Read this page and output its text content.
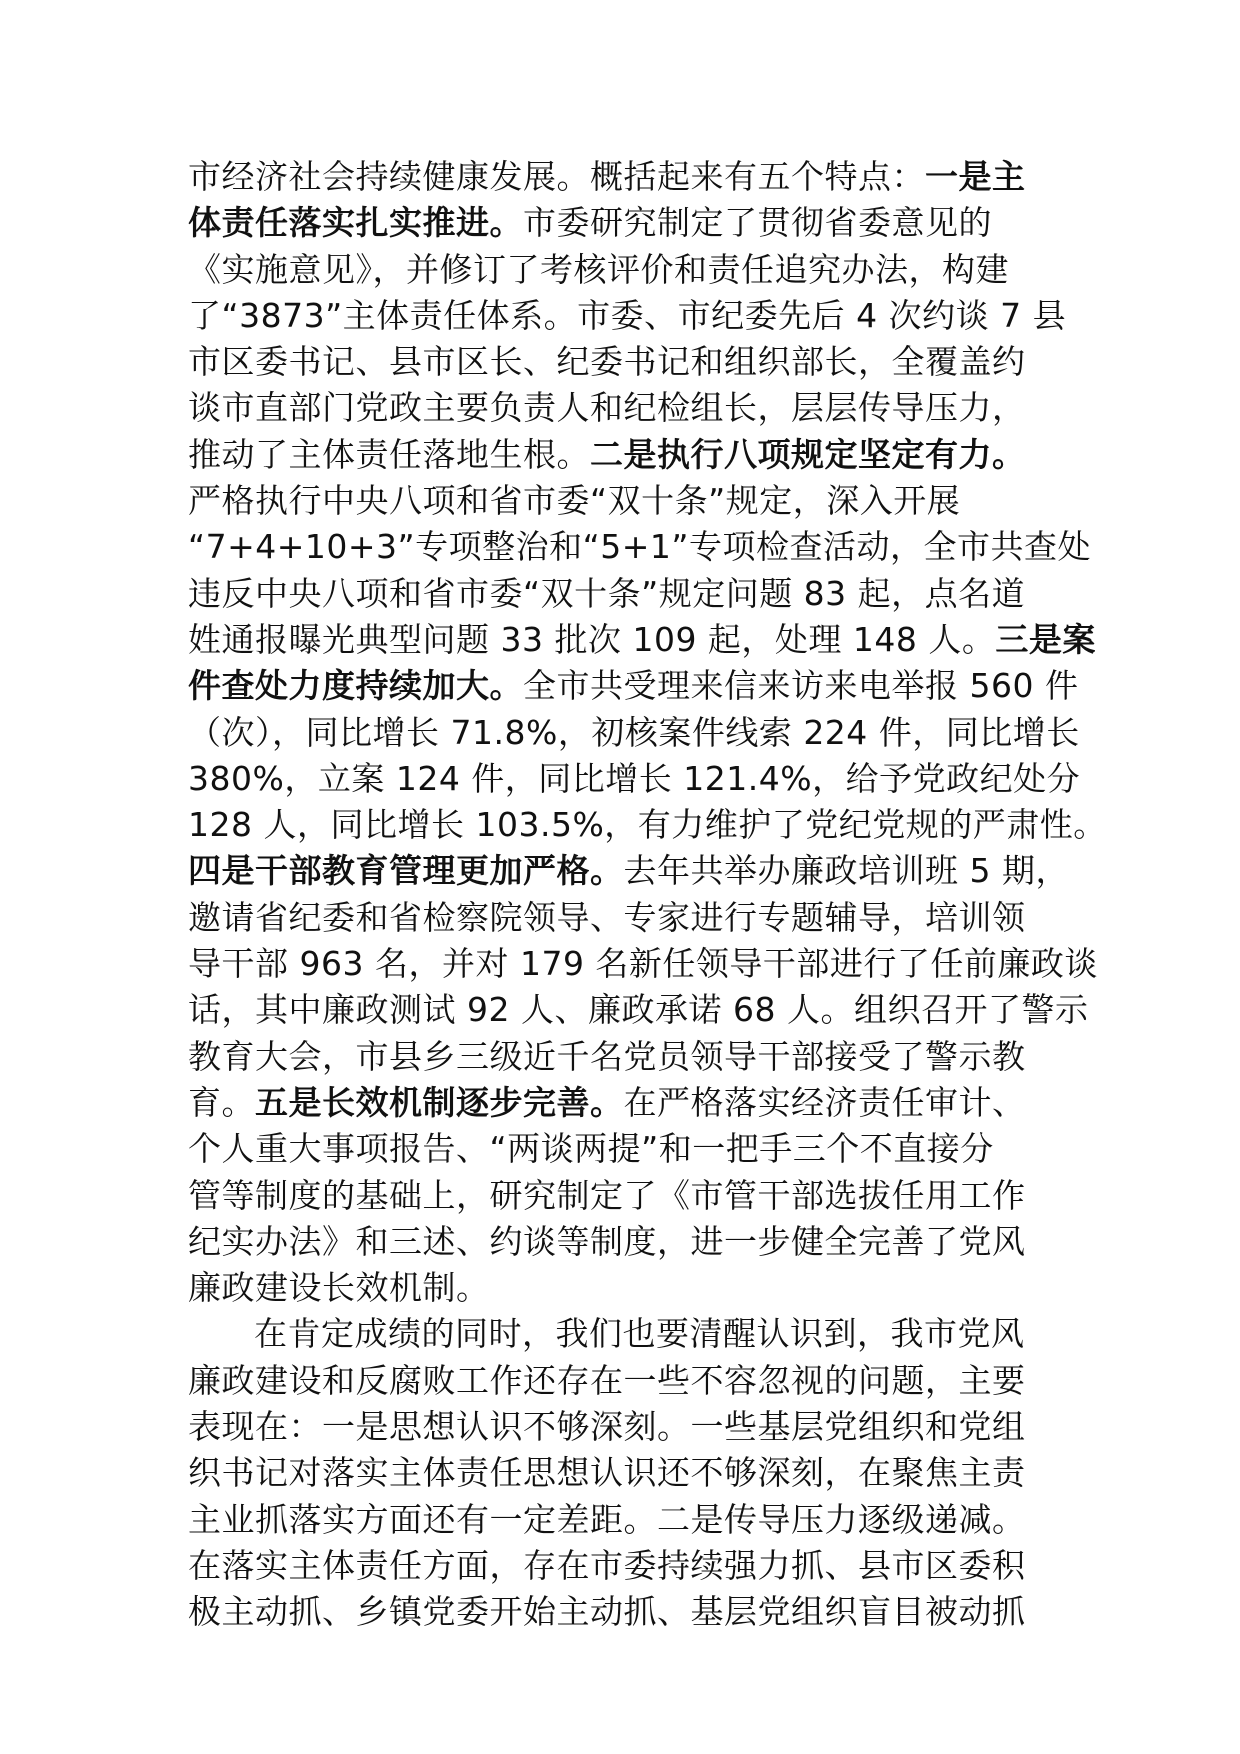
市经济社会持续健康发展。概括起来有五个特点：一是主
体责任落实扎实推进。市委研究制定了贯彻省委意见的
《实施意见》，并修订了考核评价和责任追究办法，构建
了“3873”主体责任体系。市委、市纪委先后 4 次约谈 7 县
市区委书记、县市区长、纪委书记和组织部长，全覆盖约
谈市直部门党政主要负责人和纪检组长，层层传导压力，
推动了主体责任落地生根。二是执行八项规定坚定有力。
严格执行中央八项和省市委“双十条”规定，深入开展
“7+4+10+3”专项整治和“5+1”专项检查活动，全市共查处
违反中央八项和省市委“双十条”规定问题 83 起，点名道
姓通报曝光典型问题 33 批次 109 起，处理 148 人。三是案
件查处力度持续加大。全市共受理来信来访来电举报 560 件
（次），同比增长 71.8%，初核案件线索 224 件，同比增长
380%，立案 124 件，同比增长 121.4%，给予党政纪处分
128 人，同比增长 103.5%，有力维护了党纪党规的严肃性。
四是干部教育管理更加严格。去年共举办廉政培训班 5 期，
邀请省纪委和省检察院领导、专家进行专题辅导，培训领
导干部 963 名，并对 179 名新任领导干部进行了任前廉政谈
话，其中廉政测试 92 人、廉政承诺 68 人。组织召开了警示
教育大会，市县乡三级近千名党员领导干部接受了警示教
育。五是长效机制逐步完善。在严格落实经济责任审计、
个人重大事项报告、“两谈两提”和一把手三个不直接分
管等制度的基础上，研究制定了《市管干部选拔任用工作
纪实办法》和三述、约谈等制度，进一步健全完善了党风
廉政建设长效机制。
在肯定成绩的同时，我们也要清醒认识到，我市党风
廉政建设和反腐败工作还存在一些不容忽视的问题，主要
表现在：一是思想认识不够深刻。一些基层党组织和党组
织书记对落实主体责任思想认识还不够深刻，在聚焦主责
主业抓落实方面还有一定差距。二是传导压力逐级递减。
在落实主体责任方面，存在市委持续强力抓、县市区委积
极主动抓、乡镇党委开始主动抓、基层党组织盲目被动抓
